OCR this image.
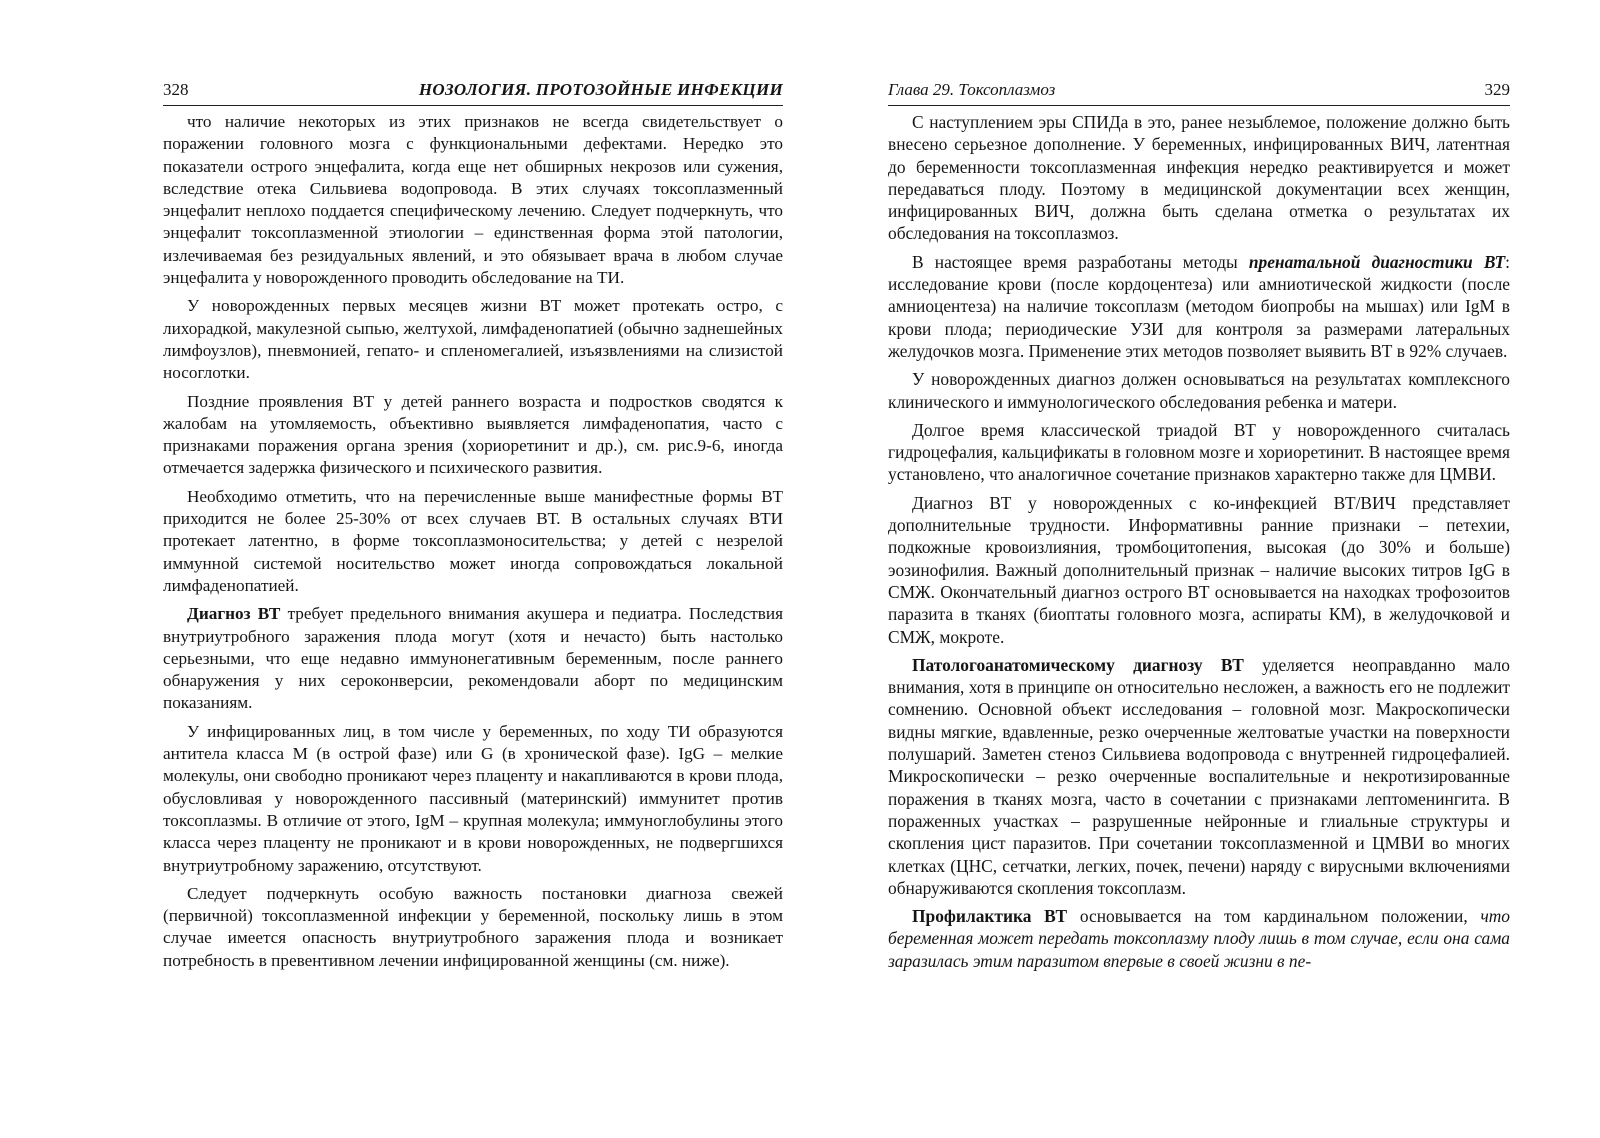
328	НОЗОЛОГИЯ. ПРОТОЗОЙНЫЕ ИНФЕКЦИИ

что наличие некоторых из этих признаков не всегда свидетельствует о поражении головного мозга с функциональными дефектами. Нередко это показатели острого энцефалита, когда еще нет обширных некрозов или сужения, вследствие отека Сильвиева водопровода. В этих случаях токсоплазменный энцефалит неплохо поддается специфическому лечению. Следует подчеркнуть, что энцефалит токсоплазменной этиологии – единственная форма этой патологии, излечиваемая без резидуальных явлений, и это обязывает врача в любом случае энцефалита у новорожденного проводить обследование на ТИ.

У новорожденных первых месяцев жизни ВТ может протекать остро, с лихорадкой, макулезной сыпью, желтухой, лимфаденопатией (обычно заднешейных лимфоузлов), пневмонией, гепато- и спленомегалией, изъязвлениями на слизистой носоглотки.

Поздние проявления ВТ у детей раннего возраста и подростков сводятся к жалобам на утомляемость, объективно выявляется лимфаденопатия, часто с признаками поражения органа зрения (хориоретинит и др.), см. рис.9-6, иногда отмечается задержка физического и психического развития.

Необходимо отметить, что на перечисленные выше манифестные формы ВТ приходится не более 25-30% от всех случаев ВТ. В остальных случаях ВТИ протекает латентно, в форме токсоплазмоносительства; у детей с незрелой иммунной системой носительство может иногда сопровождаться локальной лимфаденопатией.

Диагноз ВТ требует предельного внимания акушера и педиатра. Последствия внутриутробного заражения плода могут (хотя и нечасто) быть настолько серьезными, что еще недавно иммунонегативным беременным, после раннего обнаружения у них сероконверсии, рекомендовали аборт по медицинским показаниям.

У инфицированных лиц, в том числе у беременных, по ходу ТИ образуются антитела класса M (в острой фазе) или G (в хронической фазе). IgG – мелкие молекулы, они свободно проникают через плаценту и накапливаются в крови плода, обусловливая у новорожденного пассивный (материнский) иммунитет против токсоплазмы. В отличие от этого, IgM – крупная молекула; иммуноглобулины этого класса через плаценту не проникают и в крови новорожденных, не подвергшихся внутриутробному заражению, отсутствуют.

Следует подчеркнуть особую важность постановки диагноза свежей (первичной) токсоплазменной инфекции у беременной, поскольку лишь в этом случае имеется опасность внутриутробного заражения плода и возникает потребность в превентивном лечении инфицированной женщины (см. ниже).

Глава 29. Токсоплазмоз	329

С наступлением эры СПИДа в это, ранее незыблемое, положение должно быть внесено серьезное дополнение. У беременных, инфицированных ВИЧ, латентная до беременности токсоплазменная инфекция нередко реактивируется и может передаваться плоду. Поэтому в медицинской документации всех женщин, инфицированных ВИЧ, должна быть сделана отметка о результатах их обследования на токсоплазмоз.

В настоящее время разработаны методы пренатальной диагностики ВТ: исследование крови (после кордоцентеза) или амниотической жидкости (после амниоцентеза) на наличие токсоплазм (методом биопробы на мышах) или IgM в крови плода; периодические УЗИ для контроля за размерами латеральных желудочков мозга. Применение этих методов позволяет выявить ВТ в 92% случаев.

У новорожденных диагноз должен основываться на результатах комплексного клинического и иммунологического обследования ребенка и матери.

Долгое время классической триадой ВТ у новорожденного считалась гидроцефалия, кальцификаты в головном мозге и хориоретинит. В настоящее время установлено, что аналогичное сочетание признаков характерно также для ЦМВИ.

Диагноз ВТ у новорожденных с ко-инфекцией ВТ/ВИЧ представляет дополнительные трудности. Информативны ранние признаки – петехии, подкожные кровоизлияния, тромбоцитопения, высокая (до 30% и больше) эозинофилия. Важный дополнительный признак – наличие высоких титров IgG в СМЖ. Окончательный диагноз острого ВТ основывается на находках трофозоитов паразита в тканях (биоптаты головного мозга, аспираты КМ), в желудочковой и СМЖ, мокроте.

Патологоанатомическому диагнозу ВТ уделяется неоправданно мало внимания, хотя в принципе он относительно несложен, а важность его не подлежит сомнению. Основной объект исследования – головной мозг. Макроскопически видны мягкие, вдавленные, резко очерченные желтоватые участки на поверхности полушарий. Заметен стеноз Сильвиева водопровода с внутренней гидроцефалией. Микроскопически – резко очерченные воспалительные и некротизированные поражения в тканях мозга, часто в сочетании с признаками лептоменингита. В пораженных участках – разрушенные нейронные и глиальные структуры и скопления цист паразитов. При сочетании токсоплазменной и ЦМВИ во многих клетках (ЦНС, сетчатки, легких, почек, печени) наряду с вирусными включениями обнаруживаются скопления токсоплазм.

Профилактика ВТ основывается на том кардинальном положении, что беременная может передать токсоплазму плоду лишь в том случае, если она сама заразилась этим паразитом впервые в своей жизни в пе-
